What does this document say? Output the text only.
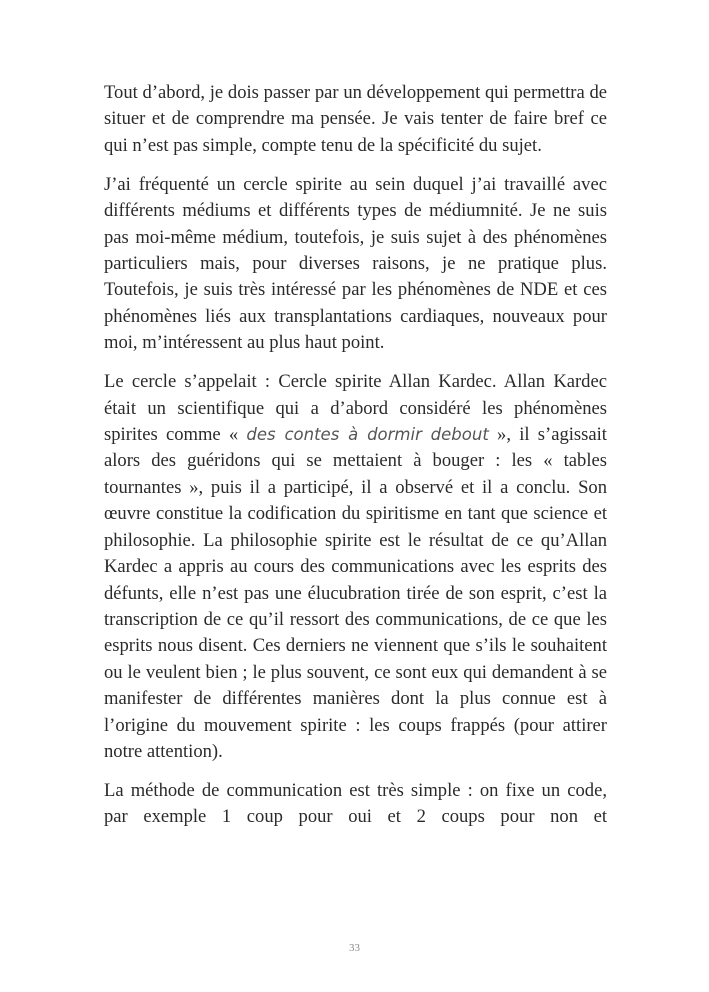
Tout d’abord, je dois passer par un développement qui permettra de situer et de comprendre ma pensée. Je vais tenter de faire bref ce qui n’est pas simple, compte tenu de la spécificité du sujet.

J’ai fréquenté un cercle spirite au sein duquel j’ai travaillé avec différents médiums et différents types de médiumnité. Je ne suis pas moi-même médium, toutefois, je suis sujet à des phénomènes particuliers mais, pour diverses raisons, je ne pratique plus. Toutefois, je suis très intéressé par les phénomènes de NDE et ces phénomènes liés aux transplantations cardiaques, nouveaux pour moi, m’intéressent au plus haut point.

Le cercle s’appelait : Cercle spirite Allan Kardec. Allan Kardec était un scientifique qui a d’abord considéré les phénomènes spirites comme « des contes à dormir debout », il s’agissait alors des guéridons qui se mettaient à bouger : les « tables tournantes », puis il a participé, il a observé et il a conclu. Son œuvre constitue la codification du spiritisme en tant que science et philosophie. La philosophie spirite est le résultat de ce qu’Allan Kardec a appris au cours des communications avec les esprits des défunts, elle n’est pas une élucubration tirée de son esprit, c’est la transcription de ce qu’il ressort des communications, de ce que les esprits nous disent. Ces derniers ne viennent que s’ils le souhaitent ou le veulent bien ; le plus souvent, ce sont eux qui demandent à se manifester de différentes manières dont la plus connue est à l’origine du mouvement spirite : les coups frappés (pour attirer notre attention).

La méthode de communication est très simple : on fixe un code, par exemple 1 coup pour oui et 2 coups pour non et

33
